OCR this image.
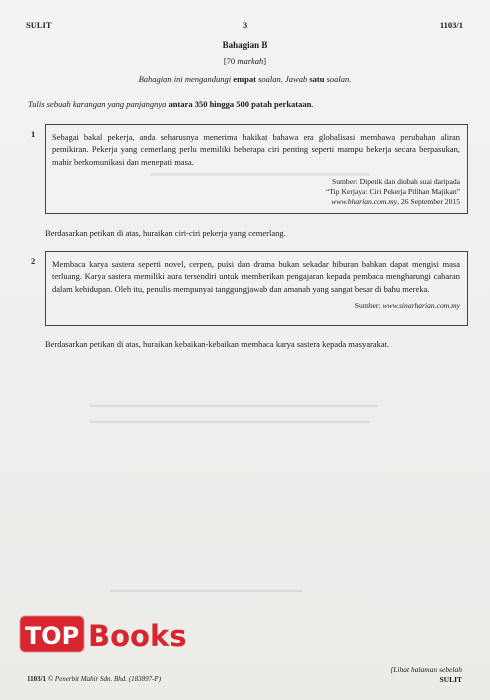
▬▬▬▬▬▬▬▬▬▬▬▬▬▬▬▬▬▬▬▬▬▬
▬▬▬▬▬▬▬▬▬▬▬▬▬▬▬▬▬▬▬▬▬▬▬▬▬▬▬▬▬▬▬▬▬▬▬▬
▬▬▬▬▬▬▬▬▬▬▬▬▬▬▬▬▬▬▬▬▬▬▬▬▬▬▬▬▬▬▬▬▬▬▬
▬▬▬▬▬▬▬▬▬▬▬▬▬▬▬▬▬▬▬▬▬▬▬▬
SULIT	3	1103/1
Bahagian B
[70 markah]
Bahagian ini mengandungi empat soalan. Jawab satu soalan.
Tulis sebuah karangan yang panjangnya antara 350 hingga 500 patah perkataan.
1 Sebagai bakal pekerja, anda seharusnya menerima hakikat bahawa era globalisasi membawa perubahan aliran pemikiran. Pekerja yang cemerlang perlu memiliki beberapa ciri penting seperti mampu bekerja secara berpasukan, mahir berkomunikasi dan menepati masa.

Sumber: Dipetik dan diubah suai daripada
“Tip Kerjaya: Ciri Pekerja Pilihan Majikan”
www.bharian.com.my, 26 September 2015
Berdasarkan petikan di atas, huraikan ciri-ciri pekerja yang cemerlang.
2 Membaca karya sastera seperti novel, cerpen, puisi dan drama bukan sekadar hiburan bahkan dapat mengisi masa terluang. Karya sastera memiliki aura tersendiri untuk memberikan pengajaran kepada pembaca mengharungi cabaran dalam kehidupan. Oleh itu, penulis mempunyai tanggungjawab dan amanah yang sangat besar di bahu mereka.

Sumber: www.sinarharian.com.my
Berdasarkan petikan di atas, huraikan kebaikan-kebaikan membaca karya sastera kepada masyarakat.
TOP Books
[Lihat halaman sebelah
SULIT
1103/1 © Penerbit Mahir Sdn. Bhd. (183897-P)
